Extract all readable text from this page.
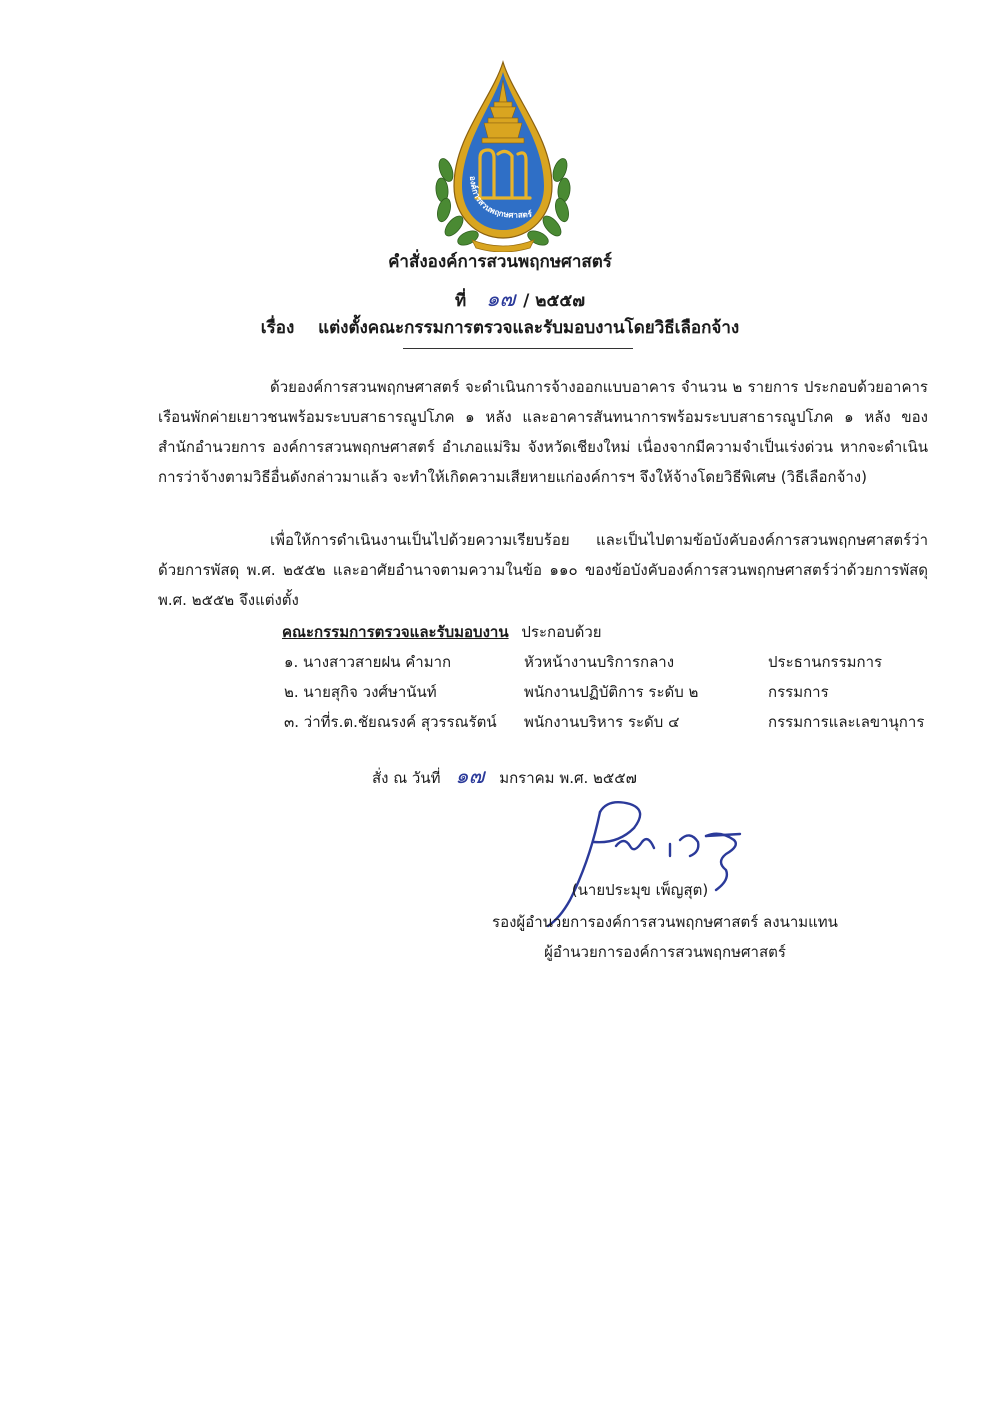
องค์การสวนพฤกษศาสตร์
คำสั่งองค์การสวนพฤกษศาสตร์
ที่ ๑๗ / ๒๕๕๗
เรื่อง แต่งตั้งคณะกรรมการตรวจและรับมอบงานโดยวิธีเลือกจ้าง
ด้วยองค์การสวนพฤกษศาสตร์ จะดำเนินการจ้างออกแบบอาคาร จำนวน ๒ รายการ ประกอบด้วยอาคารเรือนพักค่ายเยาวชนพร้อมระบบสาธารณูปโภค ๑ หลัง และอาคารสันทนาการพร้อมระบบสาธารณูปโภค ๑ หลัง ของสำนักอำนวยการ องค์การสวนพฤกษศาสตร์ อำเภอแม่ริม จังหวัดเชียงใหม่ เนื่องจากมีความจำเป็นเร่งด่วน หากจะดำเนินการว่าจ้างตามวิธีอื่นดังกล่าวมาแล้ว จะทำให้เกิดความเสียหายแก่องค์การฯ จึงให้จ้างโดยวิธีพิเศษ (วิธีเลือกจ้าง)
เพื่อให้การดำเนินงานเป็นไปด้วยความเรียบร้อย และเป็นไปตามข้อบังคับองค์การสวนพฤกษศาสตร์ว่าด้วยการพัสดุ พ.ศ. ๒๕๕๒ และอาศัยอำนาจตามความในข้อ ๑๑๐ ของข้อบังคับองค์การสวนพฤกษศาสตร์ว่าด้วยการพัสดุ พ.ศ. ๒๕๕๒ จึงแต่งตั้ง
คณะกรรมการตรวจและรับมอบงาน ประกอบด้วย
๑. นางสาวสายฝน คำมาก	หัวหน้างานบริการกลาง	ประธานกรรมการ
๒. นายสุกิจ วงศ์ษานันท์	พนักงานปฏิบัติการ ระดับ ๒	กรรมการ
๓. ว่าที่ร.ต.ชัยณรงค์ สุวรรณรัตน์ พนักงานบริหาร ระดับ ๔	กรรมการและเลขานุการ
สั่ง ณ วันที่ ๑๗ มกราคม พ.ศ. ๒๕๕๗
(นายประมุข เพ็ญสุต)
รองผู้อำนวยการองค์การสวนพฤกษศาสตร์ ลงนามแทน
ผู้อำนวยการองค์การสวนพฤกษศาสตร์
